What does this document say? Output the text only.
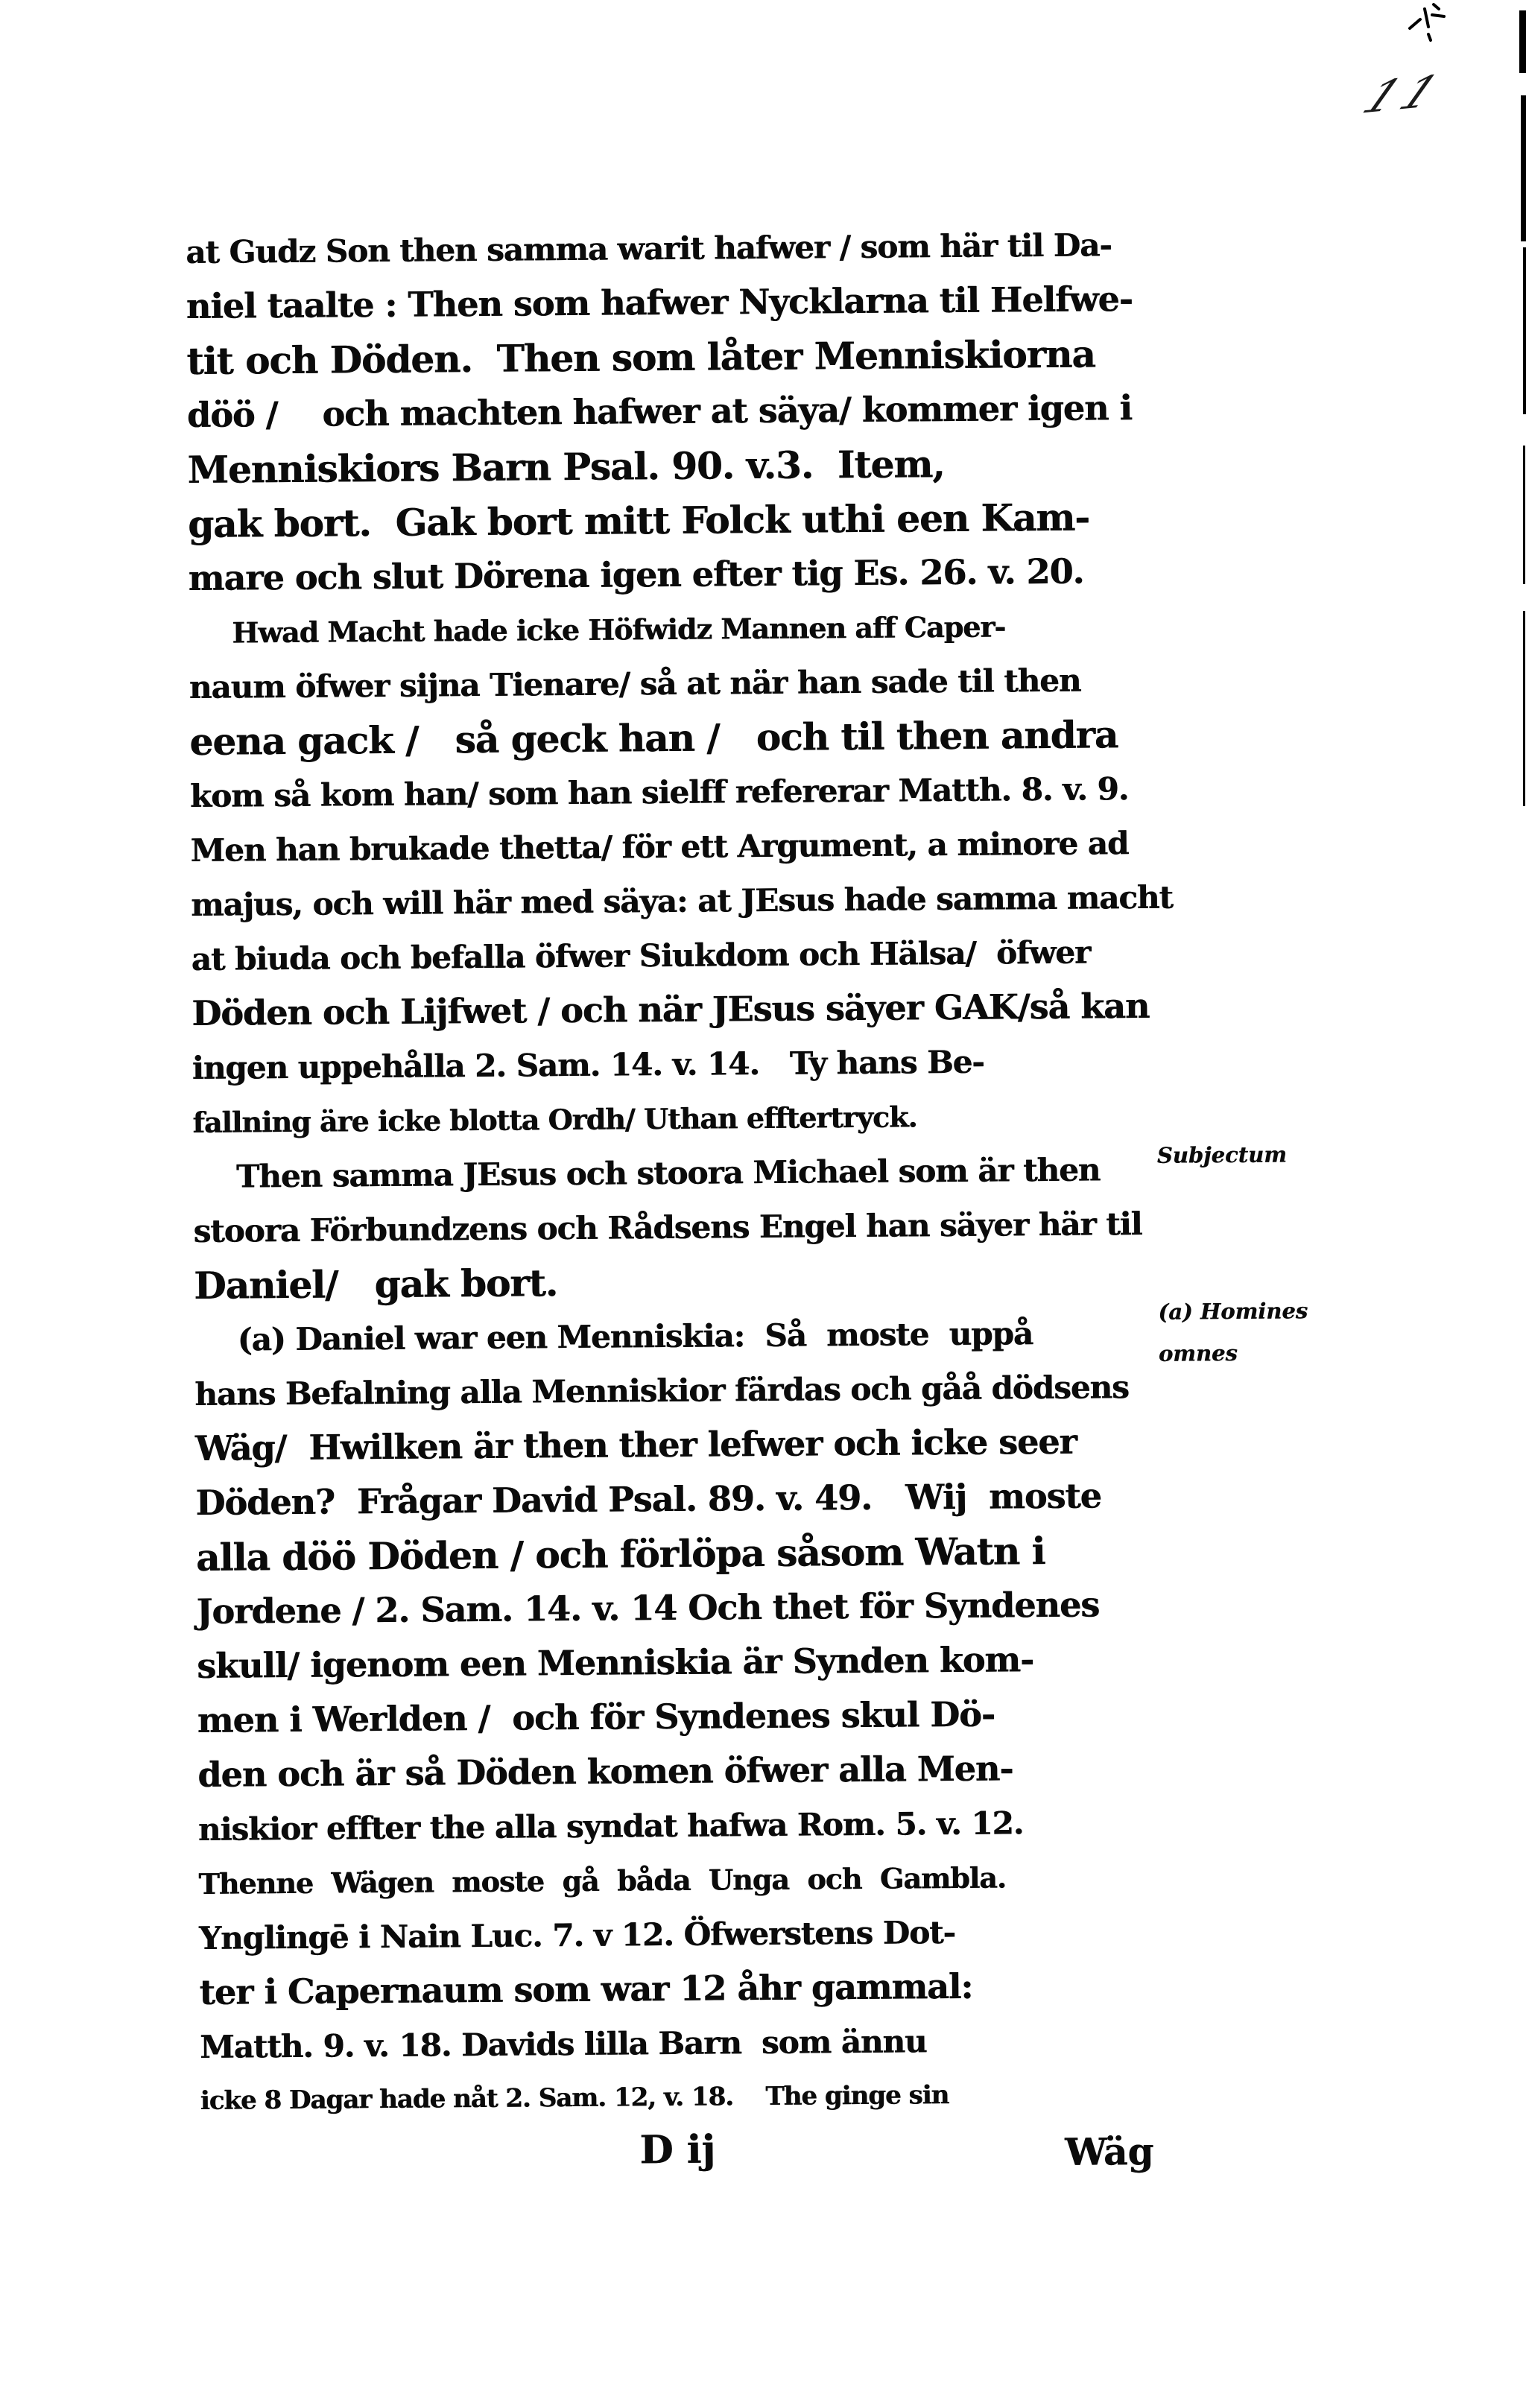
at Gudz Son then samma warit hafwer / som här til Da-
niel taalte : Then som hafwer Nycklarna til Helfwe-
tit och Döden.  Then som låter Menniskiorna
döö /    och machten hafwer at säya/ kommer igen i
Menniskiors Barn Psal. 90. v.3.  Item,
gak bort.  Gak bort mitt Folck uthi een Kam-
mare och slut Dörena igen efter tig Es. 26. v. 20.
Hwad Macht hade icke Höfwidz Mannen aff Caper-
naum öfwer sijna Tienare/ så at när han sade til then
eena gack /   så geck han /   och til then andra
kom så kom han/ som han sielff refererar Matth. 8. v. 9.
Men han brukade thetta/ för ett Argument, a minore ad
majus, och will här med säya: at JEsus hade samma macht
at biuda och befalla öfwer Siukdom och Hälsa/  öfwer
Döden och Lijfwet / och när JEsus säyer GAK/så kan
ingen uppehålla 2. Sam. 14. v. 14.   Ty hans Be-
fallning äre icke blotta Ordh/ Uthan efftertryck.
Then samma JEsus och stoora Michael som är then
stoora Förbundzens och Rådsens Engel han säyer här til
Daniel/   gak bort.
(a) Daniel war een Menniskia:  Så  moste  uppå
hans Befalning alla Menniskior färdas och gåå dödsens
Wäg/  Hwilken är then ther lefwer och icke seer
Döden?  Frågar David Psal. 89. v. 49.   Wij  moste
alla döö Döden / och förlöpa såsom Watn i
Jordene / 2. Sam. 14. v. 14 Och thet för Syndenes
skull/ igenom een Menniskia är Synden kom-
men i Werlden /  och för Syndenes skul Dö-
den och är så Döden komen öfwer alla Men-
niskior effter the alla syndat hafwa Rom. 5. v. 12.
Thenne  Wägen  moste  gå  båda  Unga  och  Gambla.
Ynglingē i Nain Luc. 7. v 12. Öfwerstens Dot-
ter i Capernaum som war 12 åhr gammal:
Matth. 9. v. 18. Davids lilla Barn  som ännu
icke 8 Dagar hade nåt 2. Sam. 12, v. 18.    The ginge sin
Subjectum
(a) Homines
omnes
D ij	Wäg
11
